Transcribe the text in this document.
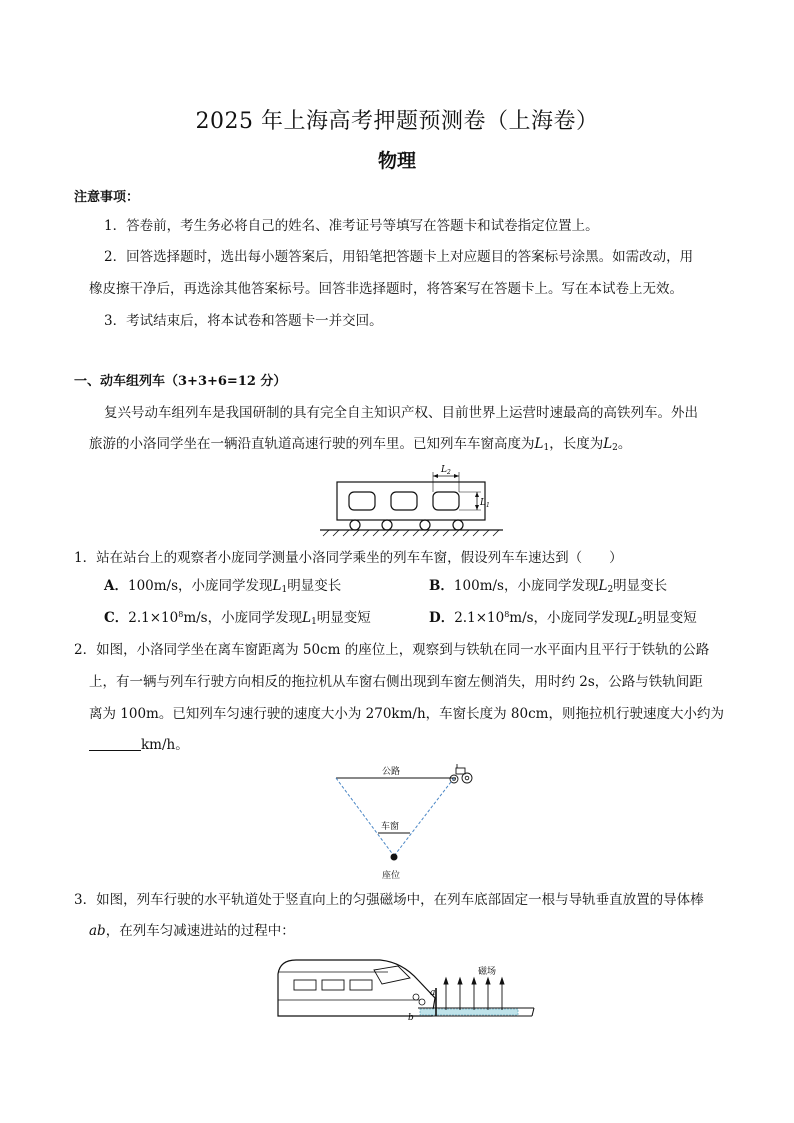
2025 年上海高考押题预测卷（上海卷）
物理
注意事项：
1．答卷前，考生务必将自己的姓名、准考证号等填写在答题卡和试卷指定位置上。
2．回答选择题时，选出每小题答案后，用铅笔把答题卡上对应题目的答案标号涂黑。如需改动，用
橡皮擦干净后，再选涂其他答案标号。回答非选择题时，将答案写在答题卡上。写在本试卷上无效。
3．考试结束后，将本试卷和答题卡一并交回。
一、动车组列车（3+3+6=12 分）
复兴号动车组列车是我国研制的具有完全自主知识产权、目前世界上运营时速最高的高铁列车。外出
旅游的小洛同学坐在一辆沿直轨道高速行驶的列车里。已知列车车窗高度为$L_1$，长度为$L_2$。
$L_2$
$L_1$
1．站在站台上的观察者小庞同学测量小洛同学乘坐的列车车窗，假设列车车速达到（　　）
A．100m/s，小庞同学发现$L_1$明显变长	B．100m/s，小庞同学发现$L_2$明显变长
C．$2.1\times 10^8m/s$，小庞同学发现$L_1$明显变短	D．$2.1\times 10^8m/s$，小庞同学发现$L_2$明显变短
2．如图，小洛同学坐在离车窗距离为 50cm 的座位上，观察到与铁轨在同一水平面内且平行于铁轨的公路
上，有一辆与列车行驶方向相反的拖拉机从车窗右侧出现到车窗左侧消失，用时约 2s，公路与铁轨间距
离为 100m。已知列车匀速行驶的速度大小为 270km/h，车窗长度为 80cm，则拖拉机行驶速度大小约为
km/h。
公路
车窗
座位
3．如图，列车行驶的水平轨道处于竖直向上的匀强磁场中，在列车底部固定一根与导轨垂直放置的导体棒
ab，在列车匀减速进站的过程中：
a
b
磁场
